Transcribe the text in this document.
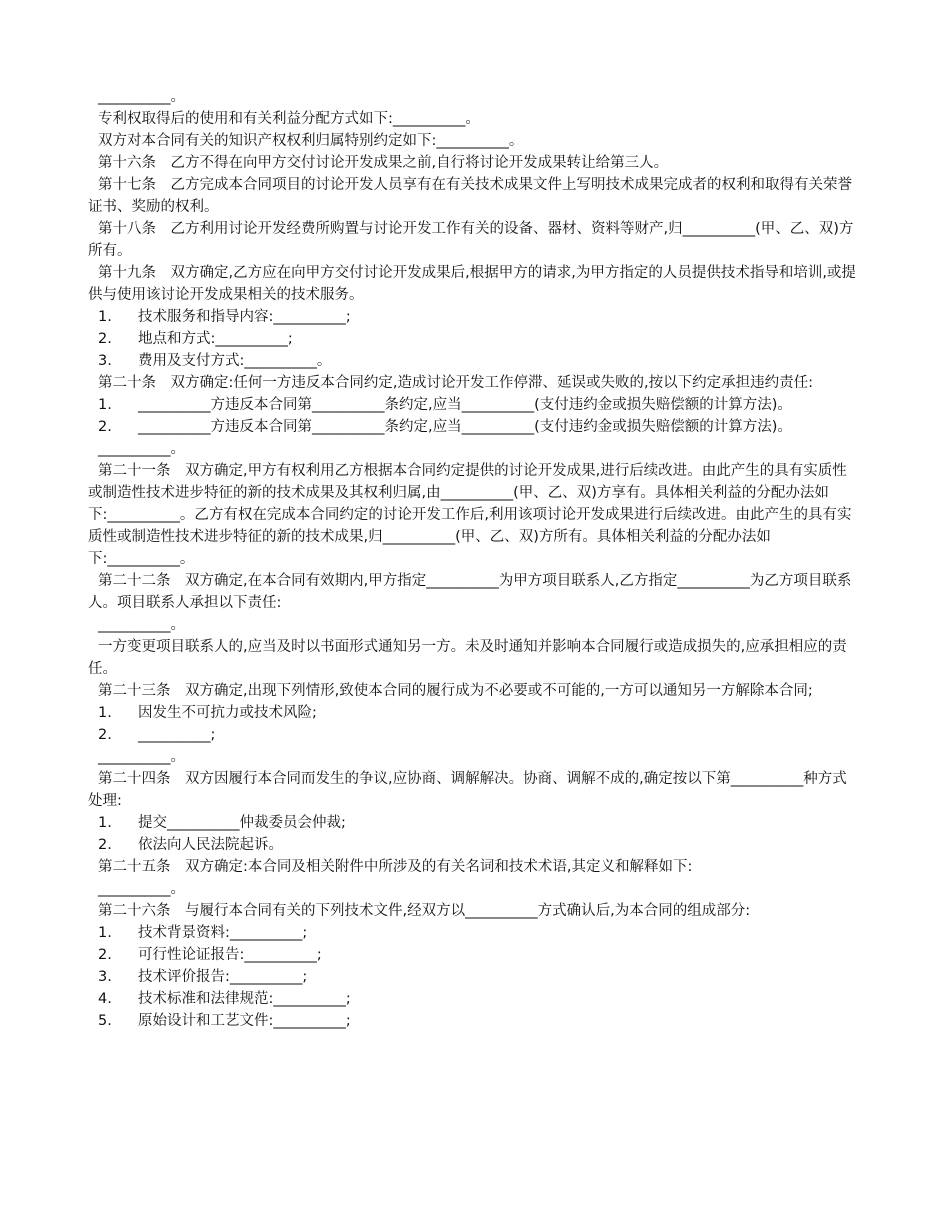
__________。

专利权取得后的使用和有关利益分配方式如下:__________。

双方对本合同有关的知识产权权利归属特别约定如下:__________。

第十六条　乙方不得在向甲方交付讨论开发成果之前,自行将讨论开发成果转让给第三人。

第十七条　乙方完成本合同项目的讨论开发人员享有在有关技术成果文件上写明技术成果完成者的权利和取得有关荣誉证书、奖励的权利。

第十八条　乙方利用讨论开发经费所购置与讨论开发工作有关的设备、器材、资料等财产,归__________(甲、乙、双)方所有。

第十九条　双方确定,乙方应在向甲方交付讨论开发成果后,根据甲方的请求,为甲方指定的人员提供技术指导和培训,或提供与使用该讨论开发成果相关的技术服务。

1.	技术服务和指导内容:__________;
2.	地点和方式:__________;
3.	费用及支付方式:__________。

第二十条　双方确定:任何一方违反本合同约定,造成讨论开发工作停滞、延误或失败的,按以下约定承担违约责任:

1.	__________方违反本合同第__________条约定,应当__________(支付违约金或损失赔偿额的计算方法)。
2.	__________方违反本合同第__________条约定,应当__________(支付违约金或损失赔偿额的计算方法)。

__________。

第二十一条　双方确定,甲方有权利用乙方根据本合同约定提供的讨论开发成果,进行后续改进。由此产生的具有实质性或制造性技术进步特征的新的技术成果及其权利归属,由__________(甲、乙、双)方享有。具体相关利益的分配办法如下:__________。乙方有权在完成本合同约定的讨论开发工作后,利用该项讨论开发成果进行后续改进。由此产生的具有实质性或制造性技术进步特征的新的技术成果,归__________(甲、乙、双)方所有。具体相关利益的分配办法如下:__________。

第二十二条　双方确定,在本合同有效期内,甲方指定__________为甲方项目联系人,乙方指定__________为乙方项目联系人。项目联系人承担以下责任:

__________。

一方变更项目联系人的,应当及时以书面形式通知另一方。未及时通知并影响本合同履行或造成损失的,应承担相应的责任。

第二十三条　双方确定,出现下列情形,致使本合同的履行成为不必要或不可能的,一方可以通知另一方解除本合同;

1.	因发生不可抗力或技术风险;
2.	__________;

__________。

第二十四条　双方因履行本合同而发生的争议,应协商、调解解决。协商、调解不成的,确定按以下第__________种方式处理:

1.	提交__________仲裁委员会仲裁;
2.	依法向人民法院起诉。

第二十五条　双方确定:本合同及相关附件中所涉及的有关名词和技术术语,其定义和解释如下:

__________。

第二十六条　与履行本合同有关的下列技术文件,经双方以__________方式确认后,为本合同的组成部分:

1.	技术背景资料:__________;
2.	可行性论证报告:__________;
3.	技术评价报告:__________;
4.	技术标准和法律规范:__________;
5.	原始设计和工艺文件:__________;
